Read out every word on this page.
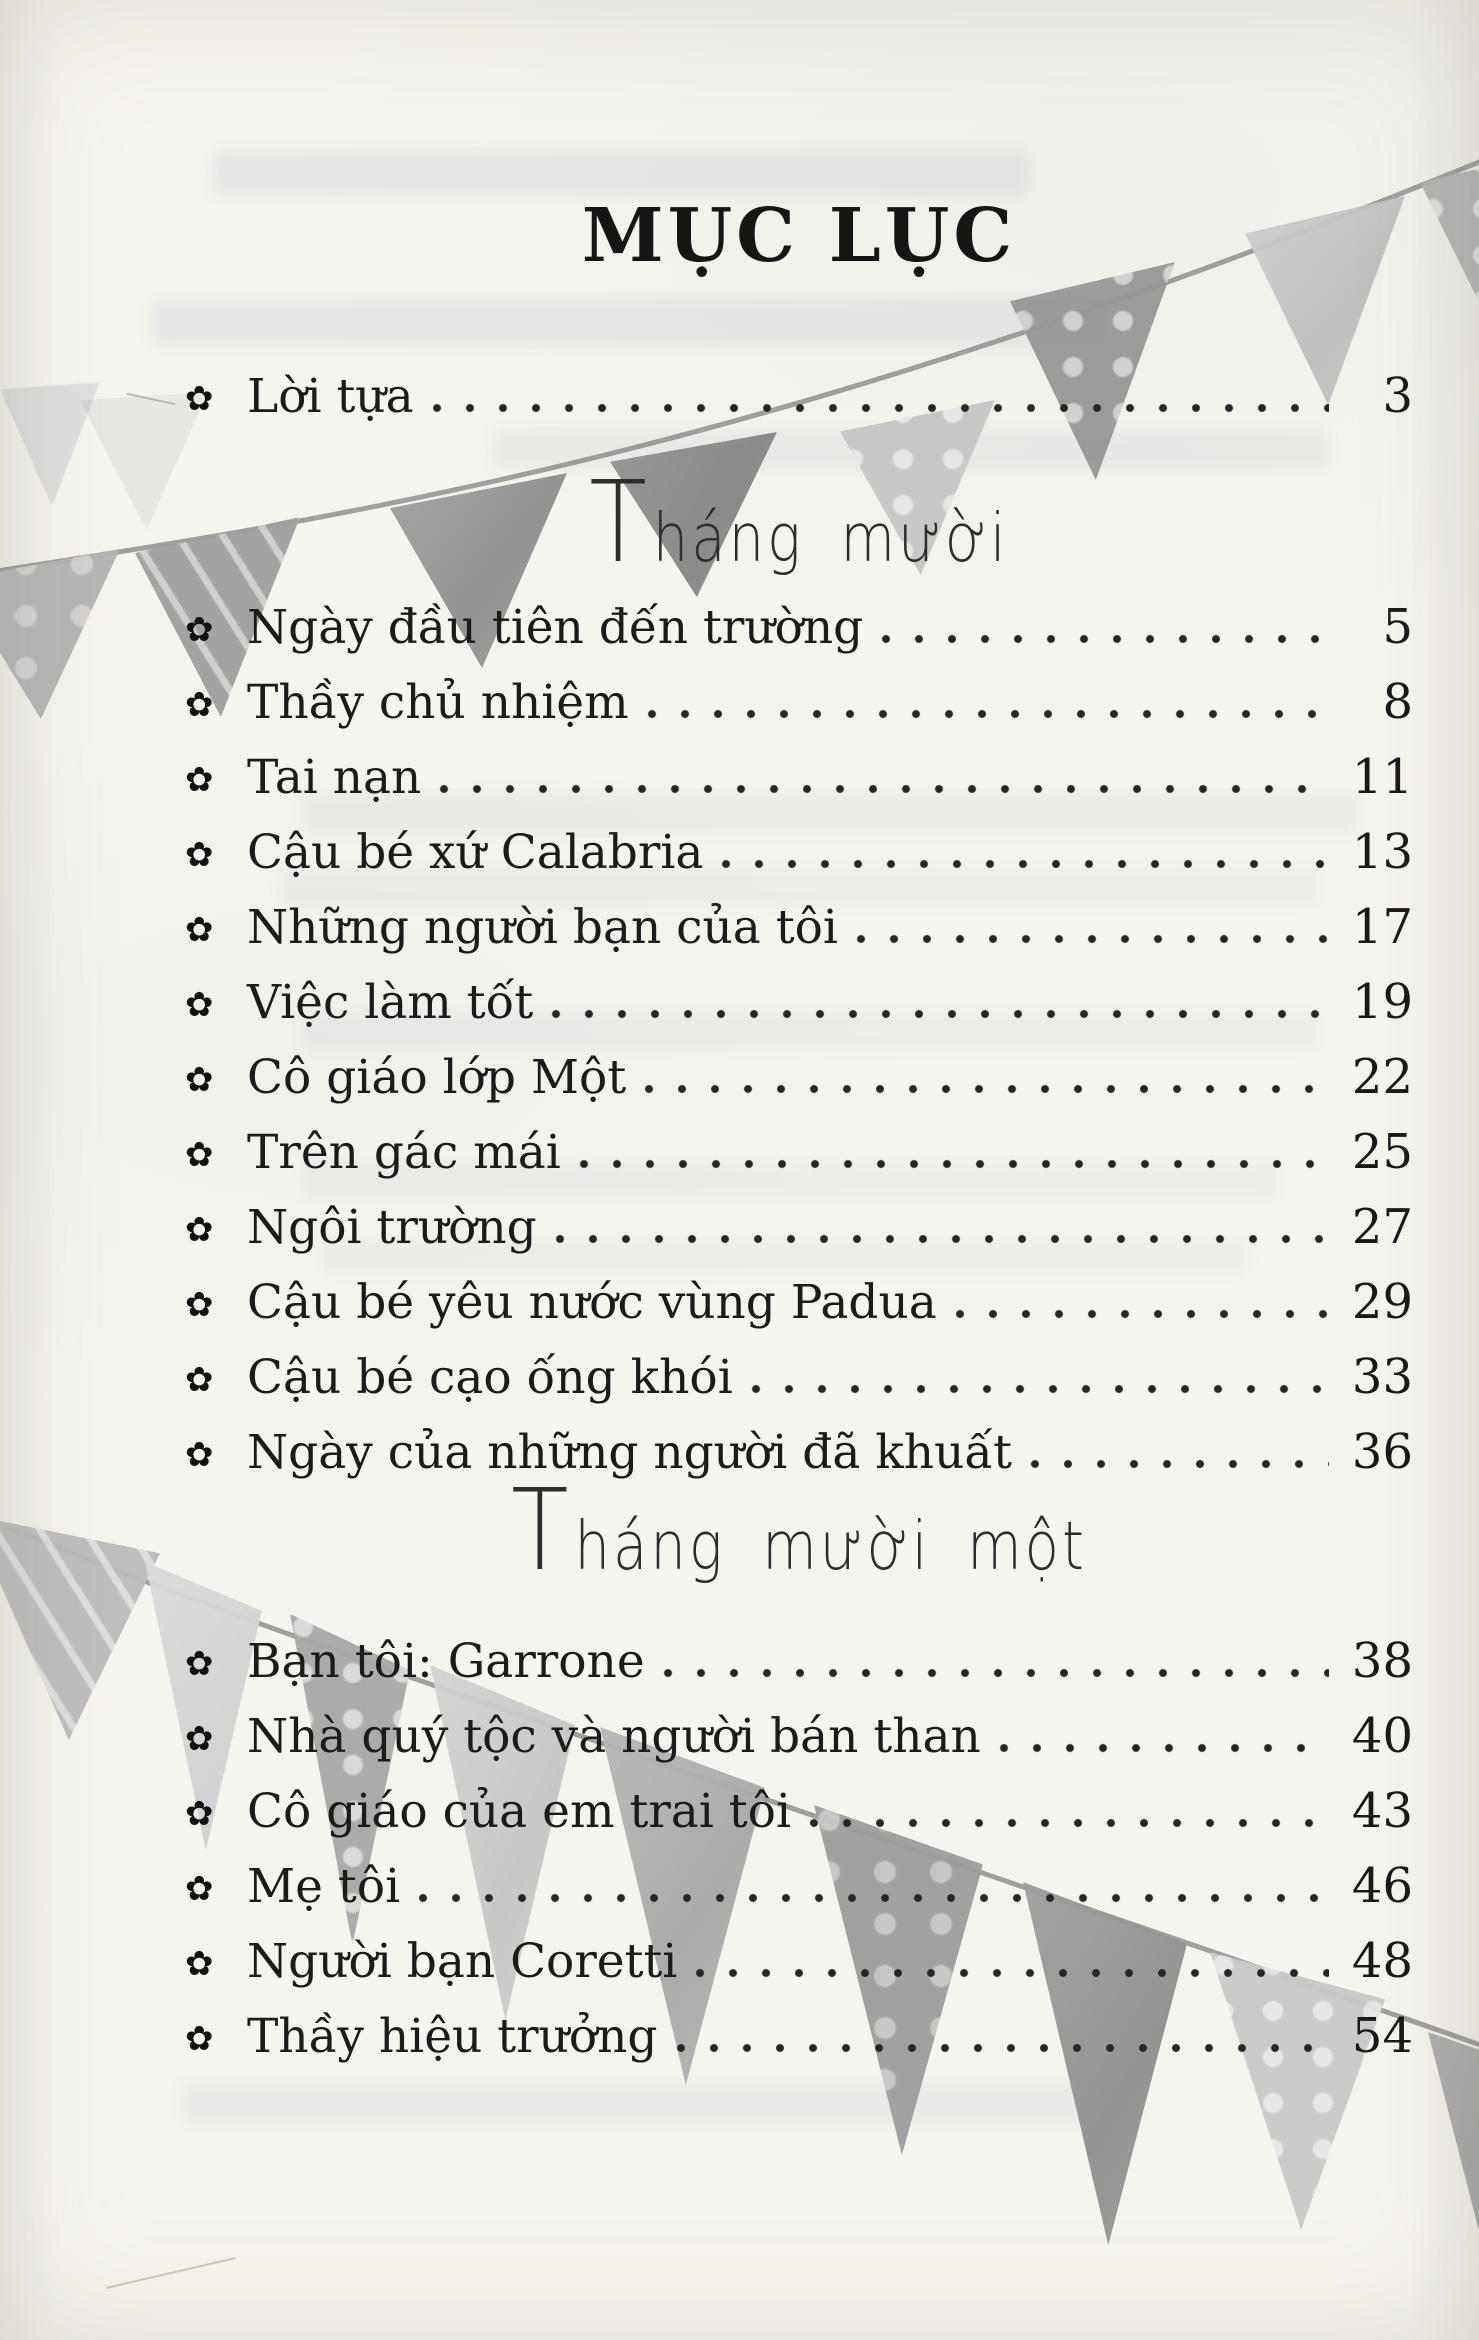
MỤC LỤC
Tháng mười
Tháng mười một
✿ Lời tựa	3
✿ Ngày đầu tiên đến trường	5
✿ Thầy chủ nhiệm	8
✿ Tai nạn	11
✿ Cậu bé xứ Calabria	13
✿ Những người bạn của tôi	17
✿ Việc làm tốt	19
✿ Cô giáo lớp Một	22
✿ Trên gác mái	25
✿ Ngôi trường	27
✿ Cậu bé yêu nước vùng Padua	29
✿ Cậu bé cạo ống khói	33
✿ Ngày của những người đã khuất	36
✿ Bạn tôi: Garrone	38
✿ Nhà quý tộc và người bán than	40
✿ Cô giáo của em trai tôi	43
✿ Mẹ tôi	46
✿ Người bạn Coretti	48
✿ Thầy hiệu trưởng	54
